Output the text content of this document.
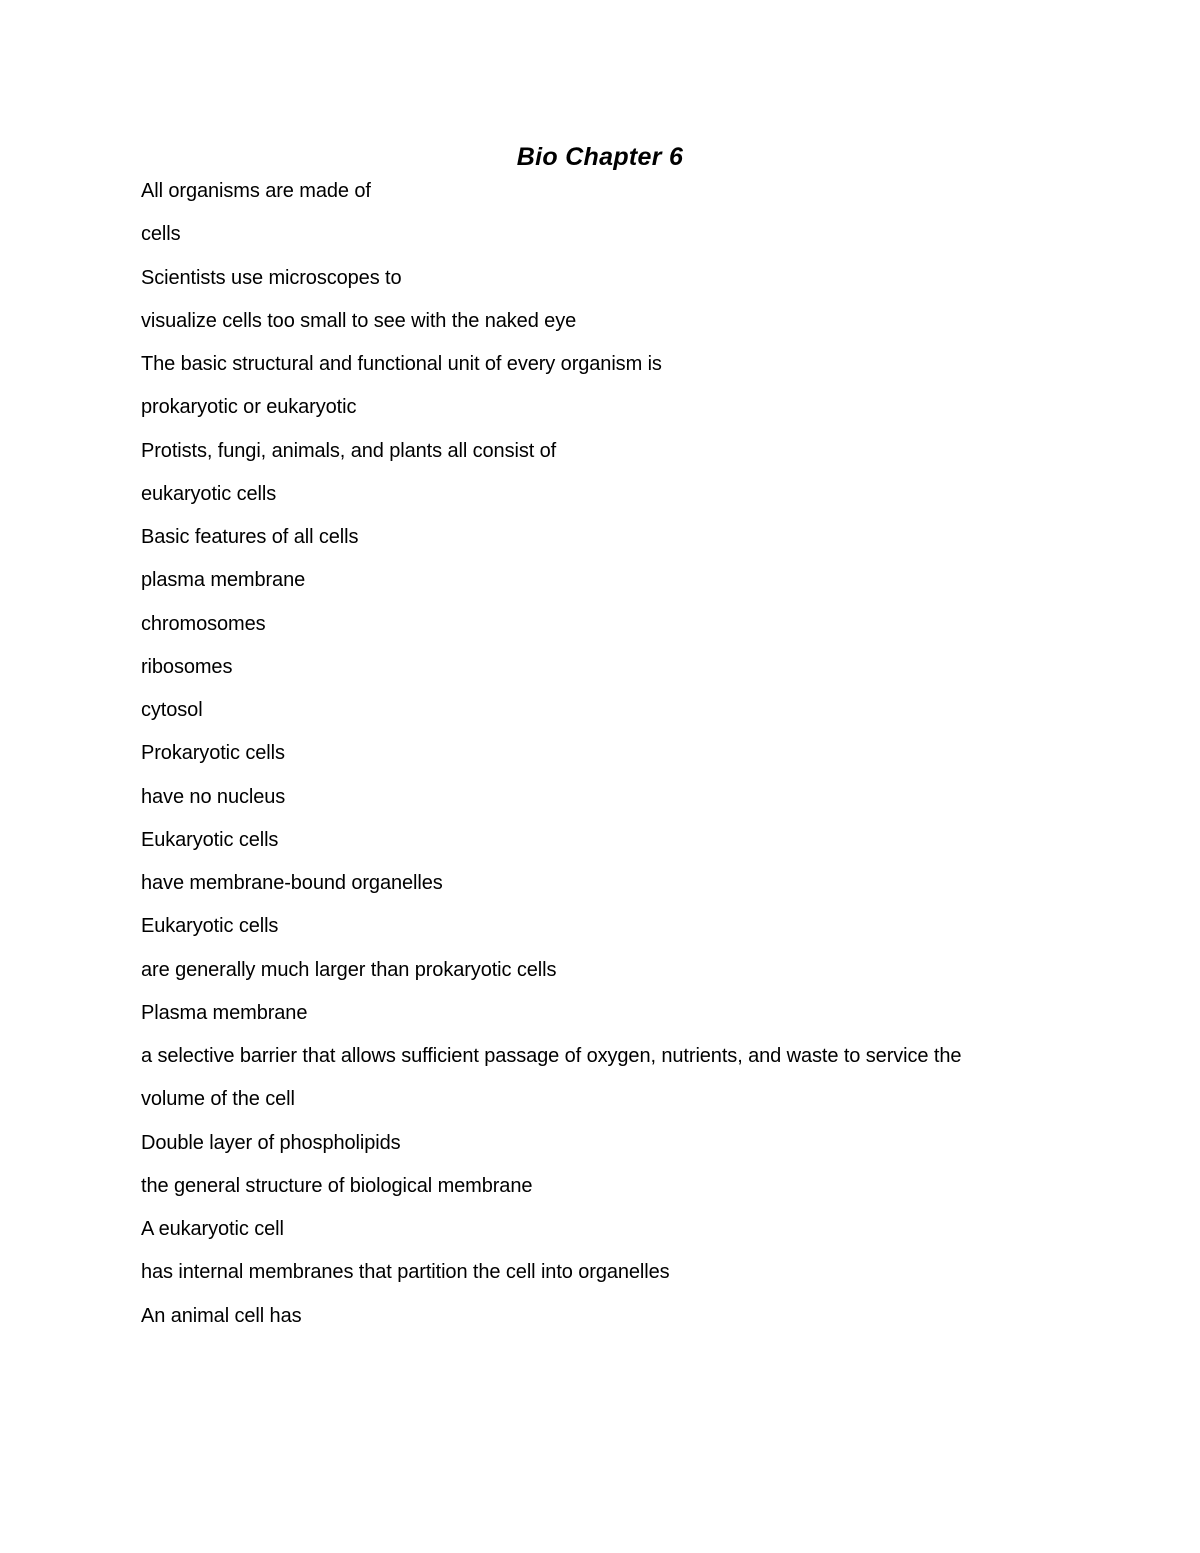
Bio Chapter 6
All organisms are made of
cells
Scientists use microscopes to
visualize cells too small to see with the naked eye
The basic structural and functional unit of every organism is
prokaryotic or eukaryotic
Protists, fungi, animals, and plants all consist of
eukaryotic cells
Basic features of all cells
plasma membrane
chromosomes
ribosomes
cytosol
Prokaryotic cells
have no nucleus
Eukaryotic cells
have membrane-bound organelles
Eukaryotic cells
are generally much larger than prokaryotic cells
Plasma membrane
a selective barrier that allows sufficient passage of oxygen, nutrients, and waste to service the
volume of the cell
Double layer of phospholipids
the general structure of biological membrane
A eukaryotic cell
has internal membranes that partition the cell into organelles
An animal cell has
